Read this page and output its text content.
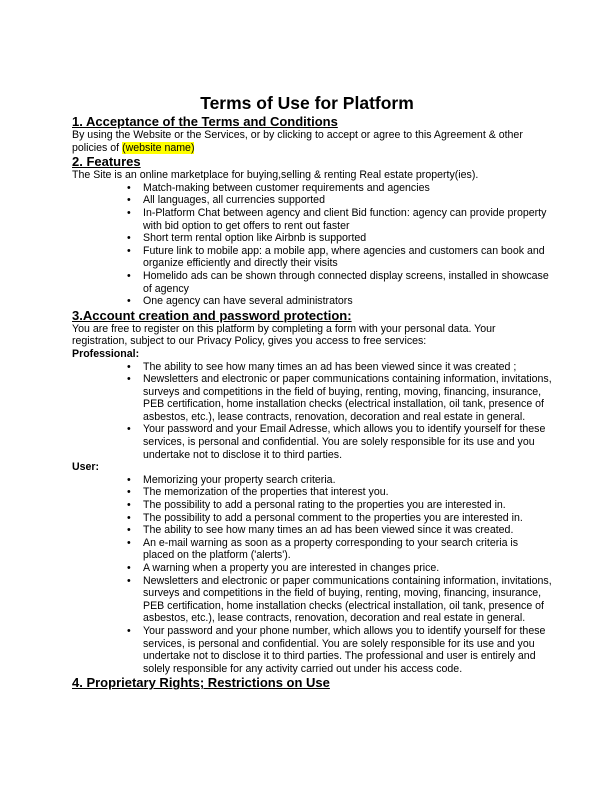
Terms of Use for Platform
1. Acceptance of the Terms and Conditions

By using the Website or the Services, or by clicking to accept or agree to this Agreement & other policies of (website name)

2. Features

The Site is an online marketplace for buying,selling & renting Real estate property(ies).

• Match-making between customer requirements and agencies
• All languages, all currencies supported
• In-Platform Chat between agency and client Bid function: agency can provide property with bid option to get offers to rent out faster
• Short term rental option like Airbnb is supported
• Future link to mobile app: a mobile app, where agencies and customers can book and organize efficiently and directly their visits
• Homelido ads can be shown through connected display screens, installed in showcase of agency
• One agency can have several administrators
3.Account creation and password protection:

You are free to register on this platform by completing a form with your personal data. Your registration, subject to our Privacy Policy, gives you access to free services:

Professional:

• The ability to see how many times an ad has been viewed since it was created ;
• Newsletters and electronic or paper communications containing information, invitations, surveys and competitions in the field of buying, renting, moving, financing, insurance, PEB certification, home installation checks (electrical installation, oil tank, presence of asbestos, etc.), lease contracts, renovation, decoration and real estate in general.
• Your password and your Email Adresse, which allows you to identify yourself for these services, is personal and confidential. You are solely responsible for its use and you undertake not to disclose it to third parties.

User:

• Memorizing your property search criteria.
• The memorization of the properties that interest you.
• The possibility to add a personal rating to the properties you are interested in.
• The possibility to add a personal comment to the properties you are interested in.
• The ability to see how many times an ad has been viewed since it was created.
• An e-mail warning as soon as a property corresponding to your search criteria is placed on the platform ('alerts').
• A warning when a property you are interested in changes price.
• Newsletters and electronic or paper communications containing information, invitations, surveys and competitions in the field of buying, renting, moving, financing, insurance, PEB certification, home installation checks (electrical installation, oil tank, presence of asbestos, etc.), lease contracts, renovation, decoration and real estate in general.
• Your password and your phone number, which allows you to identify yourself for these services, is personal and confidential. You are solely responsible for its use and you undertake not to disclose it to third parties. The professional and user is entirely and solely responsible for any activity carried out under his access code.
4. Proprietary Rights; Restrictions on Use
